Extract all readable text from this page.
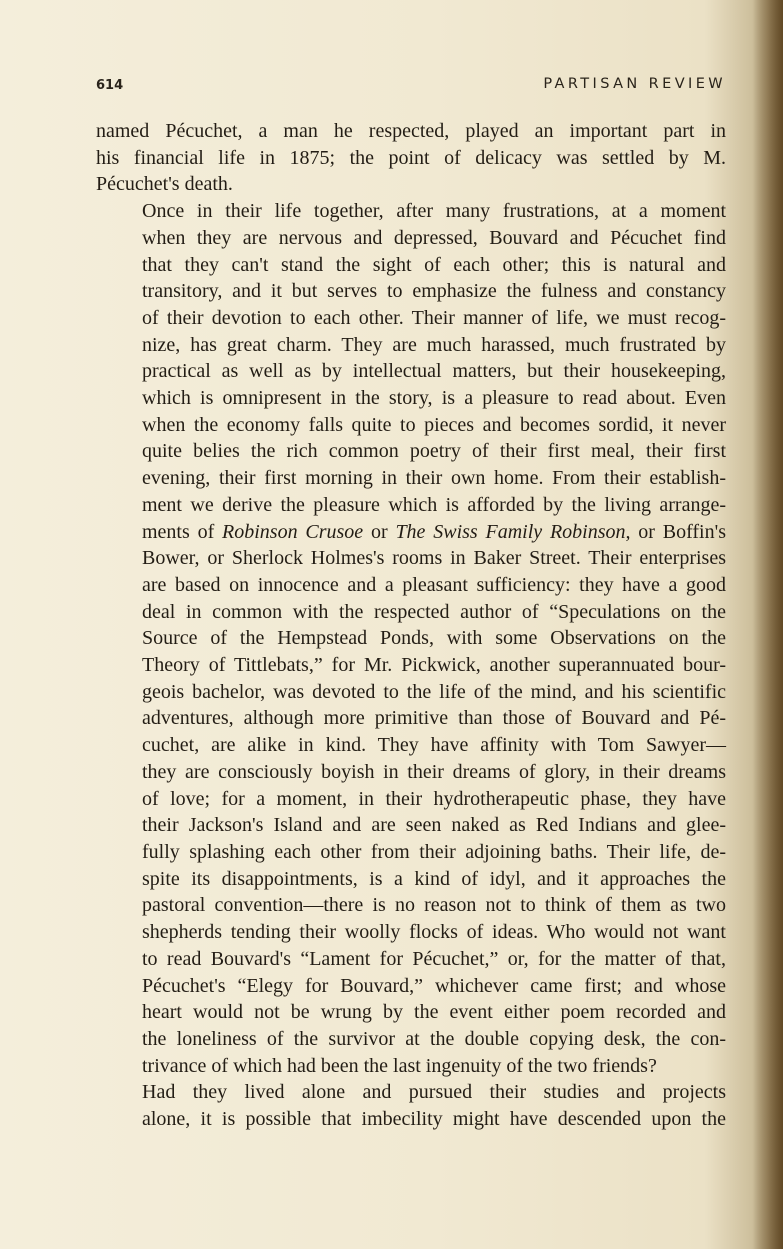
614	PARTISAN REVIEW

named Pécuchet, a man he respected, played an important part in
his financial life in 1875; the point of delicacy was settled by M.
Pécuchet's death.

Once in their life together, after many frustrations, at a moment
when they are nervous and depressed, Bouvard and Pécuchet find
that they can't stand the sight of each other; this is natural and
transitory, and it but serves to emphasize the fulness and constancy
of their devotion to each other. Their manner of life, we must recog-
nize, has great charm. They are much harassed, much frustrated by
practical as well as by intellectual matters, but their housekeeping,
which is omnipresent in the story, is a pleasure to read about. Even
when the economy falls quite to pieces and becomes sordid, it never
quite belies the rich common poetry of their first meal, their first
evening, their first morning in their own home. From their establish-
ment we derive the pleasure which is afforded by the living arrange-
ments of Robinson Crusoe or The Swiss Family Robinson, or Boffin's
Bower, or Sherlock Holmes's rooms in Baker Street. Their enterprises
are based on innocence and a pleasant sufficiency: they have a good
deal in common with the respected author of “Speculations on the
Source of the Hempstead Ponds, with some Observations on the
Theory of Tittlebats,” for Mr. Pickwick, another superannuated bour-
geois bachelor, was devoted to the life of the mind, and his scientific
adventures, although more primitive than those of Bouvard and Pé-
cuchet, are alike in kind. They have affinity with Tom Sawyer—
they are consciously boyish in their dreams of glory, in their dreams
of love; for a moment, in their hydrotherapeutic phase, they have
their Jackson's Island and are seen naked as Red Indians and glee-
fully splashing each other from their adjoining baths. Their life, de-
spite its disappointments, is a kind of idyl, and it approaches the
pastoral convention—there is no reason not to think of them as two
shepherds tending their woolly flocks of ideas. Who would not want
to read Bouvard's “Lament for Pécuchet,” or, for the matter of that,
Pécuchet's “Elegy for Bouvard,” whichever came first; and whose
heart would not be wrung by the event either poem recorded and
the loneliness of the survivor at the double copying desk, the con-
trivance of which had been the last ingenuity of the two friends?

Had they lived alone and pursued their studies and projects
alone, it is possible that imbecility might have descended upon the
